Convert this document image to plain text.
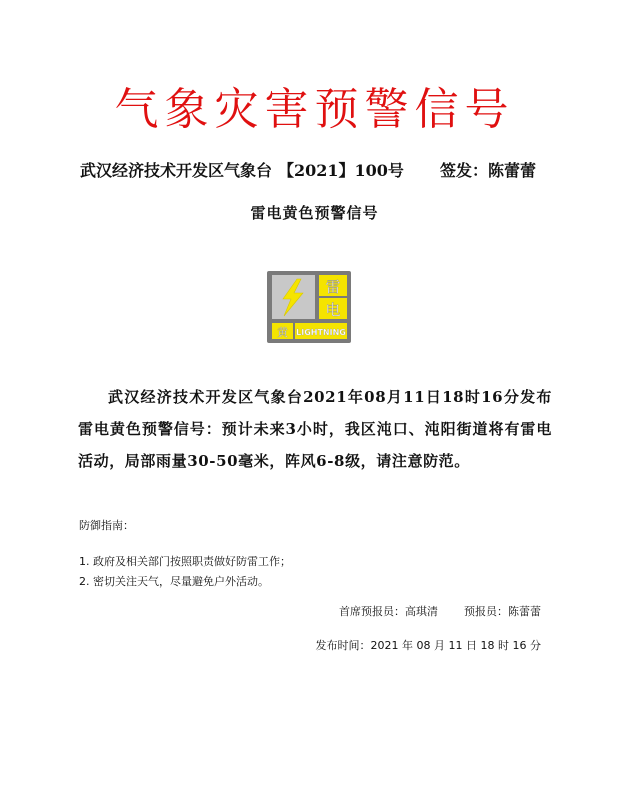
气象灾害预警信号
武汉经济技术开发区气象台 【2021】100号 签发：陈蕾蕾
雷电黄色预警信号
雷
电
黄 LIGHTNING
武汉经济技术开发区气象台2021年08月11日18时16分发布雷电黄色预警信号：预计未来3小时，我区沌口、沌阳街道将有雷电活动，局部雨量30-50毫米，阵风6-8级，请注意防范。
防御指南：
1. 政府及相关部门按照职责做好防雷工作；
2. 密切关注天气，尽量避免户外活动。
首席预报员：高琪清 预报员：陈蕾蕾
发布时间：2021 年 08 月 11 日 18 时 16 分
